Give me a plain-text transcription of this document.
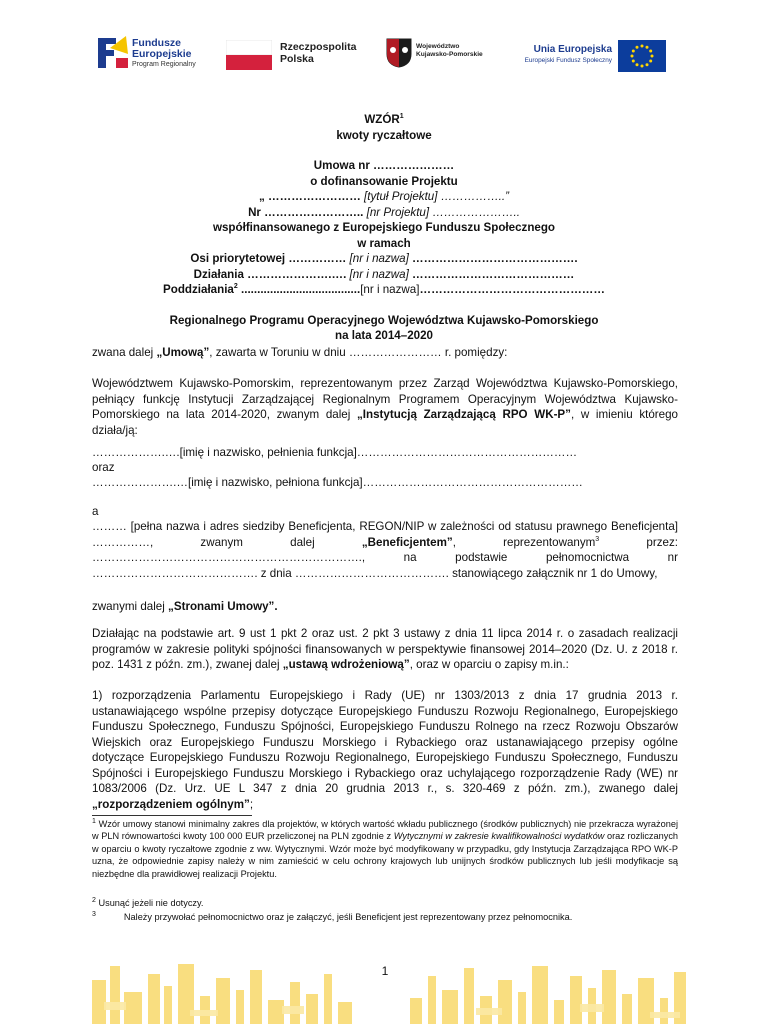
Fundusze
Europejskie
Program Regionalny
Rzeczpospolita
Polska
Województwo
Kujawsko-Pomorskie	Unia Europejska
Europejski Fundusz Społeczny
WZÓR$^1$
kwoty ryczałtowe
Umowa nr …………………
o dofinansowanie Projektu
„ …………………… [tytuł Projektu] ……………..”
Nr …………………….. [nr Projektu] …………………..
współfinansowanego z Europejskiego Funduszu Społecznego
w ramach
Osi priorytetowej …………… [nr i nazwa] …………………………………….
Działania ………………….…. [nr i nazwa] ……………………………………
Poddziałania$^2$ .....................................[nr i nazwa]…………………………………………
Regionalnego Programu Operacyjnego Województwa Kujawsko-Pomorskiego
na lata 2014–2020
zwana dalej „Umową”, zawarta w Toruniu w dniu …………………… r. pomiędzy:
Województwem Kujawsko-Pomorskim, reprezentowanym przez Zarząd Województwa Kujawsko-Pomorskiego, pełniący funkcję Instytucji Zarządzającej Regionalnym Programem Operacyjnym Województwa Kujawsko-Pomorskiego na lata 2014-2020, zwanym dalej „Instytucją Zarządzającą RPO WK-P”, w imieniu którego działa/ją:
……………….….[imię i nazwisko, pełnienia funkcja]…………………………………………………
oraz
………………….…[imię i nazwisko, pełniona funkcja]…………………………………………………
a
……… [pełna nazwa i adres siedziby Beneficjenta, REGON/NIP w zależności od statusu prawnego Beneficjenta] ……………, zwanym dalej „Beneficjentem”, reprezentowanym$^3$ przez: ……………………………………………………………., na podstawie pełnomocnictwa nr ……………………………………. z dnia …………………………………. stanowiącego załącznik nr 1 do Umowy,
zwanymi dalej „Stronami Umowy”.
Działając na podstawie art. 9 ust 1 pkt 2 oraz ust. 2 pkt 3 ustawy z dnia 11 lipca 2014 r. o zasadach realizacji programów w zakresie polityki spójności finansowanych w perspektywie finansowej 2014–2020 (Dz. U. z 2018 r. poz. 1431 z późn. zm.), zwanej dalej „ustawą wdrożeniową”, oraz w oparciu o zapisy m.in.:
1) rozporządzenia Parlamentu Europejskiego i Rady (UE) nr 1303/2013 z dnia 17 grudnia 2013 r. ustanawiającego wspólne przepisy dotyczące Europejskiego Funduszu Rozwoju Regionalnego, Europejskiego Funduszu Społecznego, Funduszu Spójności, Europejskiego Funduszu Rolnego na rzecz Rozwoju Obszarów Wiejskich oraz Europejskiego Funduszu Morskiego i Rybackiego oraz ustanawiającego przepisy ogólne dotyczące Europejskiego Funduszu Rozwoju Regionalnego, Europejskiego Funduszu Społecznego, Funduszu Spójności i Europejskiego Funduszu Morskiego i Rybackiego oraz uchylającego rozporządzenie Rady (WE) nr 1083/2006 (Dz. Urz. UE L 347 z dnia 20 grudnia 2013 r., s. 320-469 z późn. zm.), zwanego dalej „rozporządzeniem ogólnym”;
$^1$ Wzór umowy stanowi minimalny zakres dla projektów, w których wartość wkładu publicznego (środków publicznych) nie przekracza wyrażonej w PLN równowartości kwoty 100 000 EUR przeliczonej na PLN zgodnie z Wytycznymi w zakresie kwalifikowalności wydatków oraz rozliczanych w oparciu o kwoty ryczałtowe zgodnie z ww. Wytycznymi. Wzór może być modyfikowany w przypadku, gdy Instytucja Zarządzająca RPO WK-P uzna, że odpowiednie zapisy należy w nim zamieścić w celu ochrony krajowych lub unijnych środków publicznych lub jeśli modyfikacje są niezbędne dla prawidłowej realizacji Projektu.
$^2$ Usunąć jeżeli nie dotyczy.
$^3$	Należy przywołać pełnomocnictwo oraz je załączyć, jeśli Beneficjent jest reprezentowany przez pełnomocnika.
1
